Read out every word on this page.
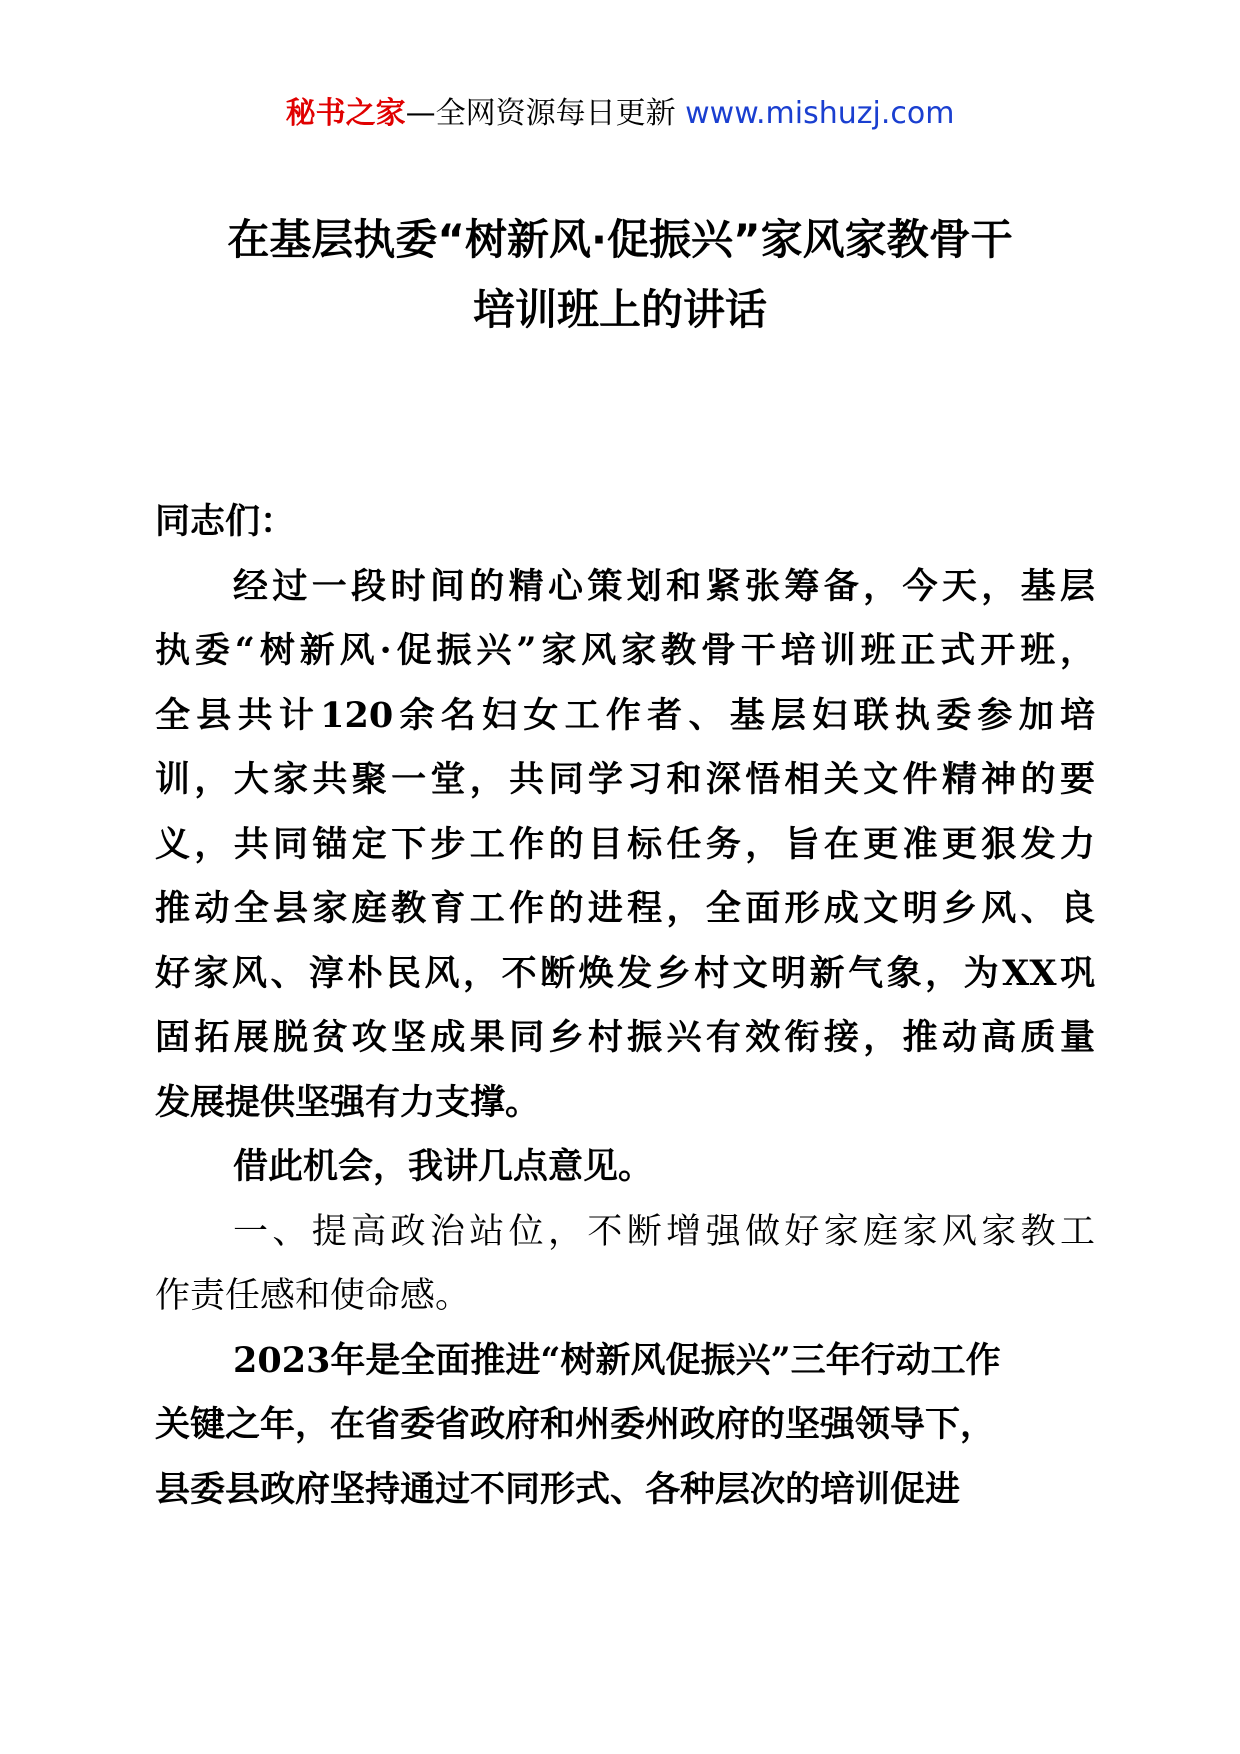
秘书之家—全网资源每日更新 www.mishuzj.com
在基层执委“树新风·促振兴”家风家教骨干
培训班上的讲话

同志们：

经过一段时间的精心策划和紧张筹备，今天，基层
执委“树新风·促振兴”家风家教骨干培训班正式开班，
全县共计120余名妇女工作者、基层妇联执委参加培
训，大家共聚一堂，共同学习和深悟相关文件精神的要
义，共同锚定下步工作的目标任务，旨在更准更狠发力
推动全县家庭教育工作的进程，全面形成文明乡风、良
好家风、淳朴民风，不断焕发乡村文明新气象，为XX巩
固拓展脱贫攻坚成果同乡村振兴有效衔接，推动高质量
发展提供坚强有力支撑。

借此机会，我讲几点意见。

一、提高政治站位，不断增强做好家庭家风家教工
作责任感和使命感。

2023年是全面推进“树新风促振兴”三年行动工作
关键之年，在省委省政府和州委州政府的坚强领导下，
县委县政府坚持通过不同形式、各种层次的培训促进
